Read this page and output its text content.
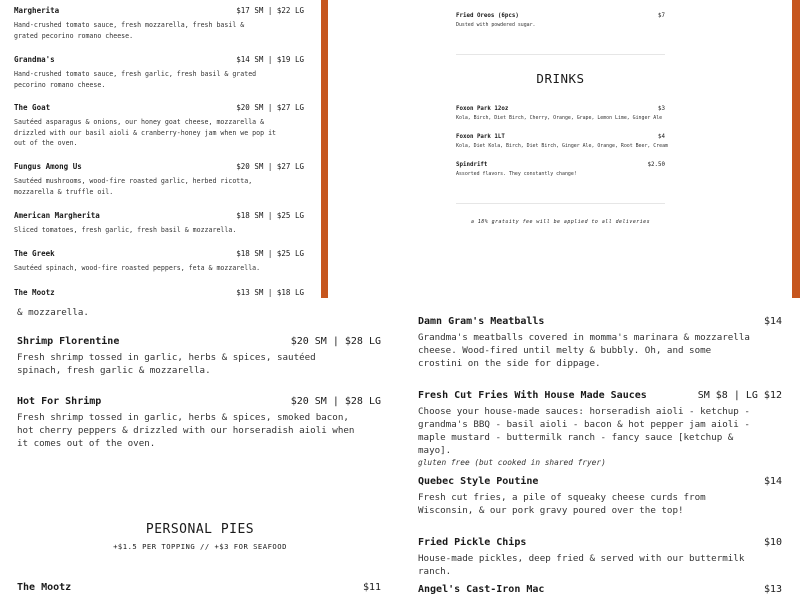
Margherita	$17 SM | $22 LG
Hand-crushed tomato sauce, fresh mozzarella, fresh basil & grated pecorino romano cheese.
Grandma's	$14 SM | $19 LG
Hand-crushed tomato sauce, fresh garlic, fresh basil & grated pecorino romano cheese.
The Goat	$20 SM | $27 LG
Sautéed asparagus & onions, our honey goat cheese, mozzarella & drizzled with our basil aioli & cranberry-honey jam when we pop it out of the oven.
Fungus Among Us	$20 SM | $27 LG
Sautéed mushrooms, wood-fire roasted garlic, herbed ricotta, mozzarella & truffle oil.
American Margherita	$18 SM | $25 LG
Sliced tomatoes, fresh garlic, fresh basil & mozzarella.
The Greek	$18 SM | $25 LG
Sautéed spinach, wood-fire roasted peppers, feta & mozzarella.
The Mootz	$13 SM | $18 LG
Fried Oreos (6pcs)	$7
Dusted with powdered sugar.
DRINKS
Foxon Park 12oz	$3
Kola, Birch, Diet Birch, Cherry, Orange, Grape, Lemon Lime, Ginger Ale
Foxon Park 1LT	$4
Kola, Diet Kola, Birch, Diet Birch, Ginger Ale, Orange, Root Beer, Cream
Spindrift	$2.50
Assorted flavors. They constantly change!
a 18% gratuity fee will be applied to all deliveries
& mozzarella.
Shrimp Florentine	$20 SM | $28 LG
Fresh shrimp tossed in garlic, herbs & spices, sautéed spinach, fresh garlic & mozzarella.
Hot For Shrimp	$20 SM | $28 LG
Fresh shrimp tossed in garlic, herbs & spices, smoked bacon, hot cherry peppers & drizzled with our horseradish aioli when it comes out of the oven.
PERSONAL PIES
+$1.5 PER TOPPING // +$3 FOR SEAFOOD
The Mootz	$11
Damn Gram's Meatballs	$14
Grandma's meatballs covered in momma's marinara & mozzarella cheese. Wood-fired until melty & bubbly. Oh, and some crostini on the side for dippage.
Fresh Cut Fries With House Made Sauces	SM $8 | LG $12
Choose your house-made sauces: horseradish aioli - ketchup - grandma's BBQ - basil aioli - bacon & hot pepper jam aioli - maple mustard - buttermilk ranch - fancy sauce [ketchup & mayo].
gluten free (but cooked in shared fryer)
Quebec Style Poutine	$14
Fresh cut fries, a pile of squeaky cheese curds from Wisconsin, & our pork gravy poured over the top!
Fried Pickle Chips	$10
House-made pickles, deep fried & served with our buttermilk ranch.
Angel's Cast-Iron Mac	$13
